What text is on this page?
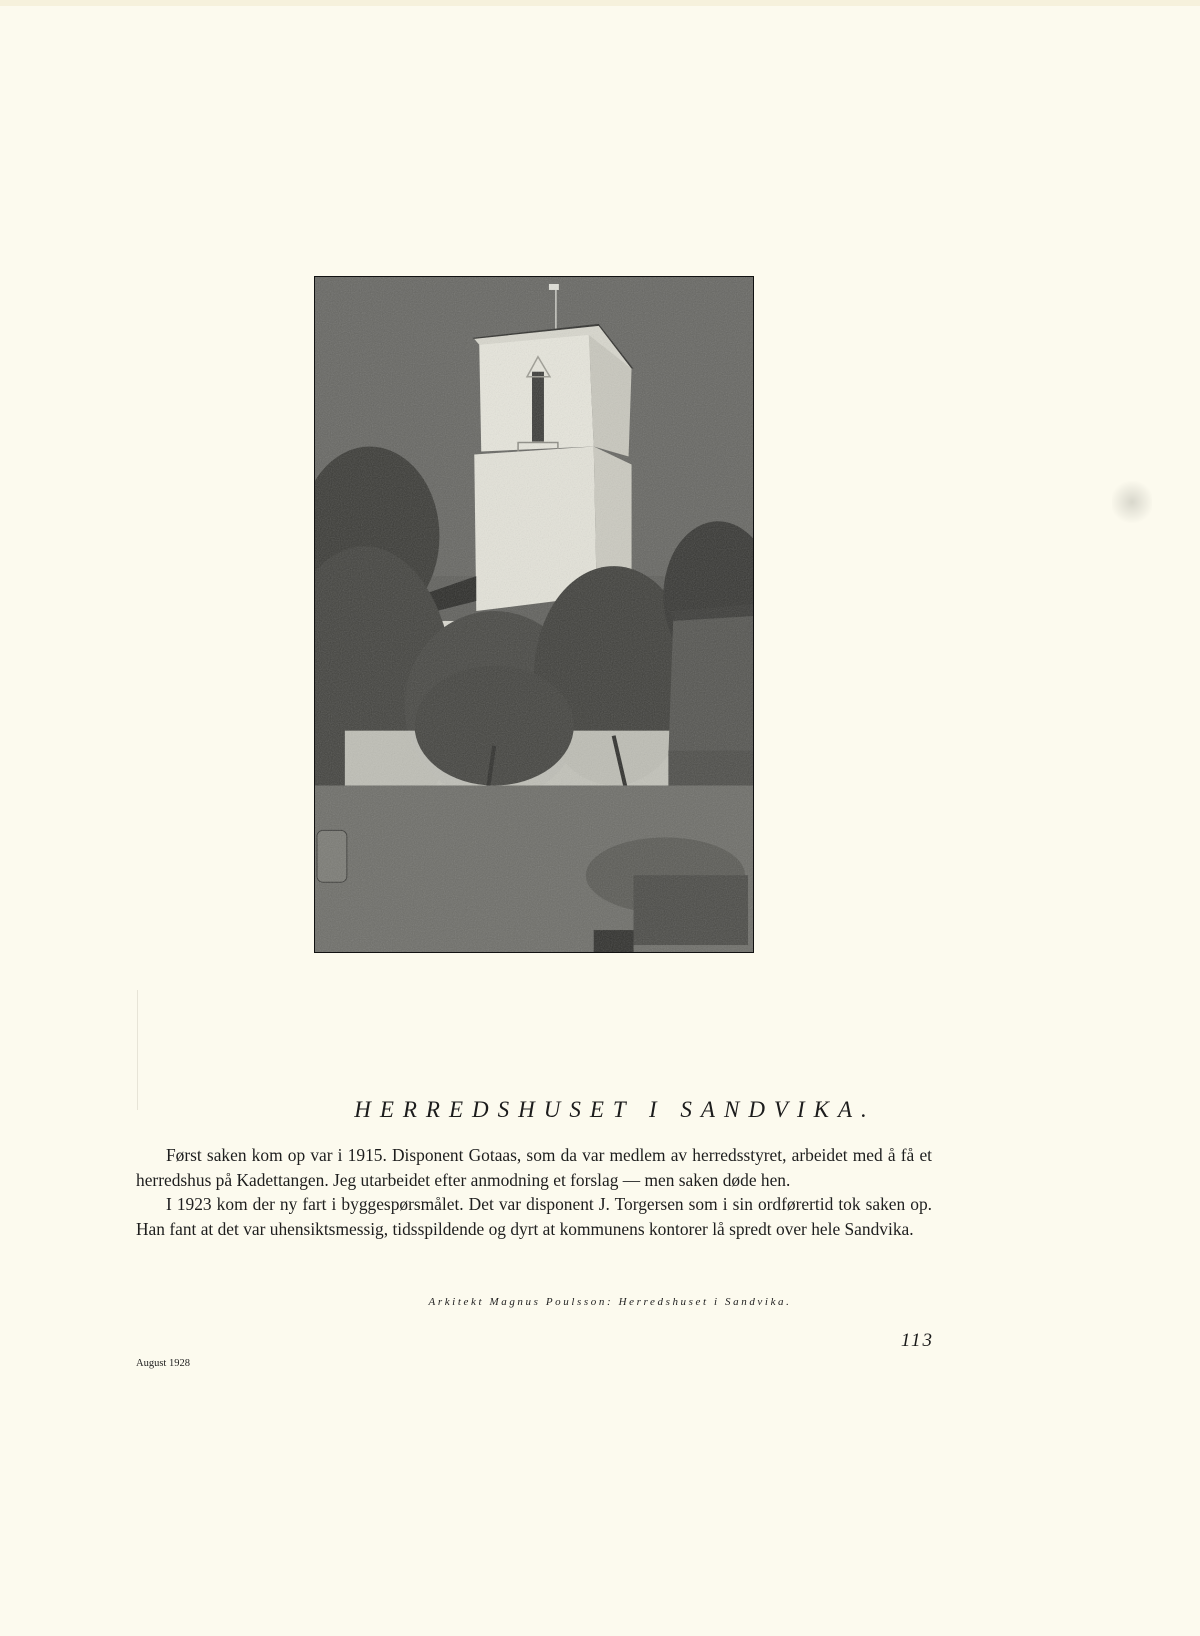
HERREDSHUSET I SANDVIKA.

Først saken kom op var i 1915. Disponent Gotaas, som da var medlem av herredsstyret, arbeidet med å få et herredshus på Kadettangen. Jeg utarbeidet efter anmodning et forslag — men saken døde hen.

I 1923 kom der ny fart i byggespørsmålet. Det var disponent J. Torgersen som i sin ordførertid tok saken op. Han fant at det var uhensiktsmessig, tidsspildende og dyrt at kommunens kontorer lå spredt over hele Sandvika.

Arkitekt Magnus Poulsson: Herredshuset i Sandvika.
113
August 1928
